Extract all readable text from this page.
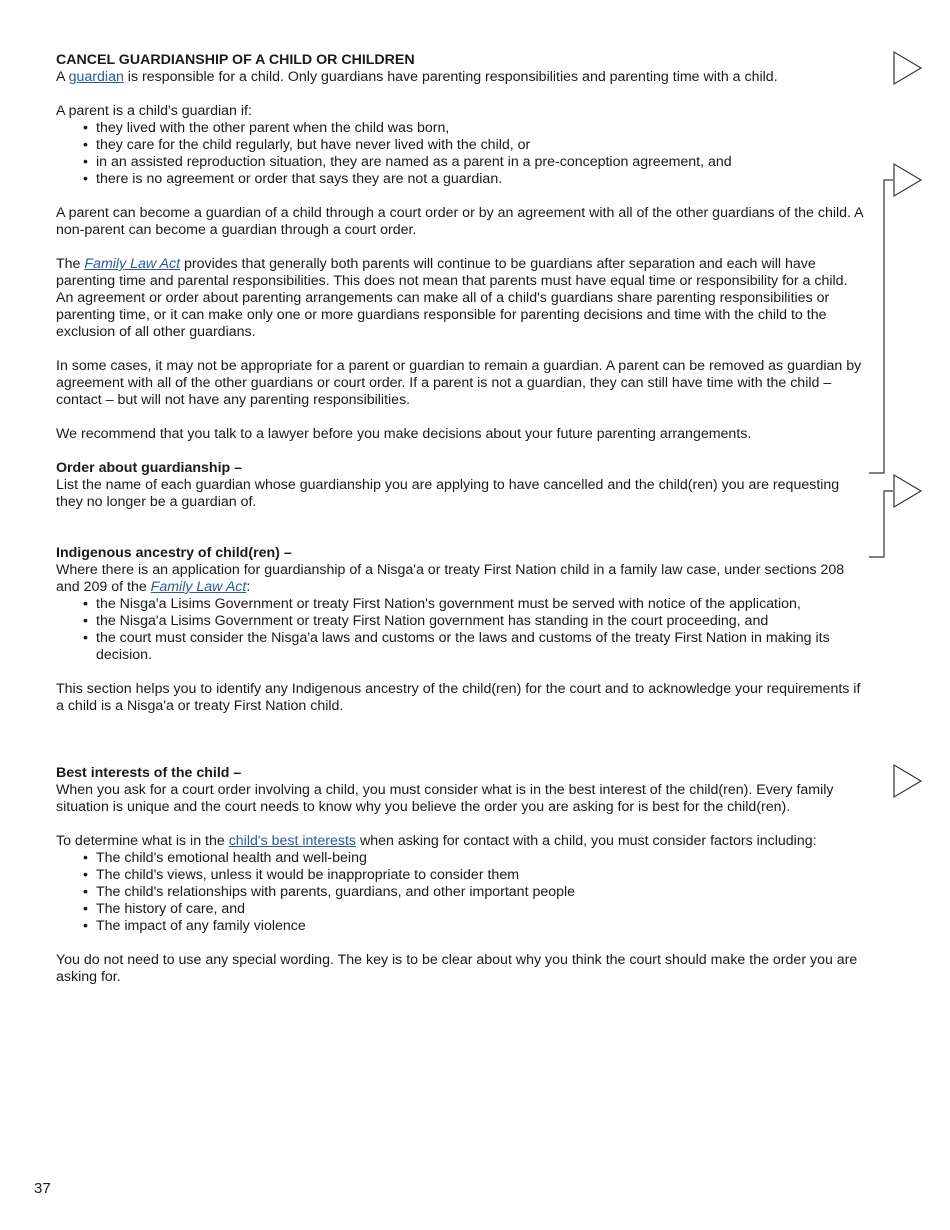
CANCEL GUARDIANSHIP OF A CHILD OR CHILDREN

A guardian is responsible for a child. Only guardians have parenting responsibilities and parenting time with a child.

A parent is a child's guardian if:

• they lived with the other parent when the child was born,
• they care for the child regularly, but have never lived with the child, or
• in an assisted reproduction situation, they are named as a parent in a pre-conception agreement, and
• there is no agreement or order that says they are not a guardian.

A parent can become a guardian of a child through a court order or by an agreement with all of the other guardians of the child. A non-parent can become a guardian through a court order.

The Family Law Act provides that generally both parents will continue to be guardians after separation and each will have parenting time and parental responsibilities. This does not mean that parents must have equal time or responsibility for a child. An agreement or order about parenting arrangements can make all of a child's guardians share parenting responsibilities or parenting time, or it can make only one or more guardians responsible for parenting decisions and time with the child to the exclusion of all other guardians.

In some cases, it may not be appropriate for a parent or guardian to remain a guardian. A parent can be removed as guardian by agreement with all of the other guardians or court order. If a parent is not a guardian, they can still have time with the child – contact – but will not have any parenting responsibilities.

We recommend that you talk to a lawyer before you make decisions about your future parenting arrangements.

Order about guardianship –

List the name of each guardian whose guardianship you are applying to have cancelled and the child(ren) you are requesting they no longer be a guardian of.

Indigenous ancestry of child(ren) –

Where there is an application for guardianship of a Nisga'a or treaty First Nation child in a family law case, under sections 208 and 209 of the Family Law Act:

• the Nisga'a Lisims Government or treaty First Nation's government must be served with notice of the application,
• the Nisga'a Lisims Government or treaty First Nation government has standing in the court proceeding, and
• the court must consider the Nisga'a laws and customs or the laws and customs of the treaty First Nation in making its decision.

This section helps you to identify any Indigenous ancestry of the child(ren) for the court and to acknowledge your requirements if a child is a Nisga'a or treaty First Nation child.

Best interests of the child –

When you ask for a court order involving a child, you must consider what is in the best interest of the child(ren). Every family situation is unique and the court needs to know why you believe the order you are asking for is best for the child(ren).

To determine what is in the child's best interests when asking for contact with a child, you must consider factors including:

• The child's emotional health and well-being
• The child's views, unless it would be inappropriate to consider them
• The child's relationships with parents, guardians, and other important people
• The history of care, and
• The impact of any family violence

You do not need to use any special wording. The key is to be clear about why you think the court should make the order you are asking for.

37
